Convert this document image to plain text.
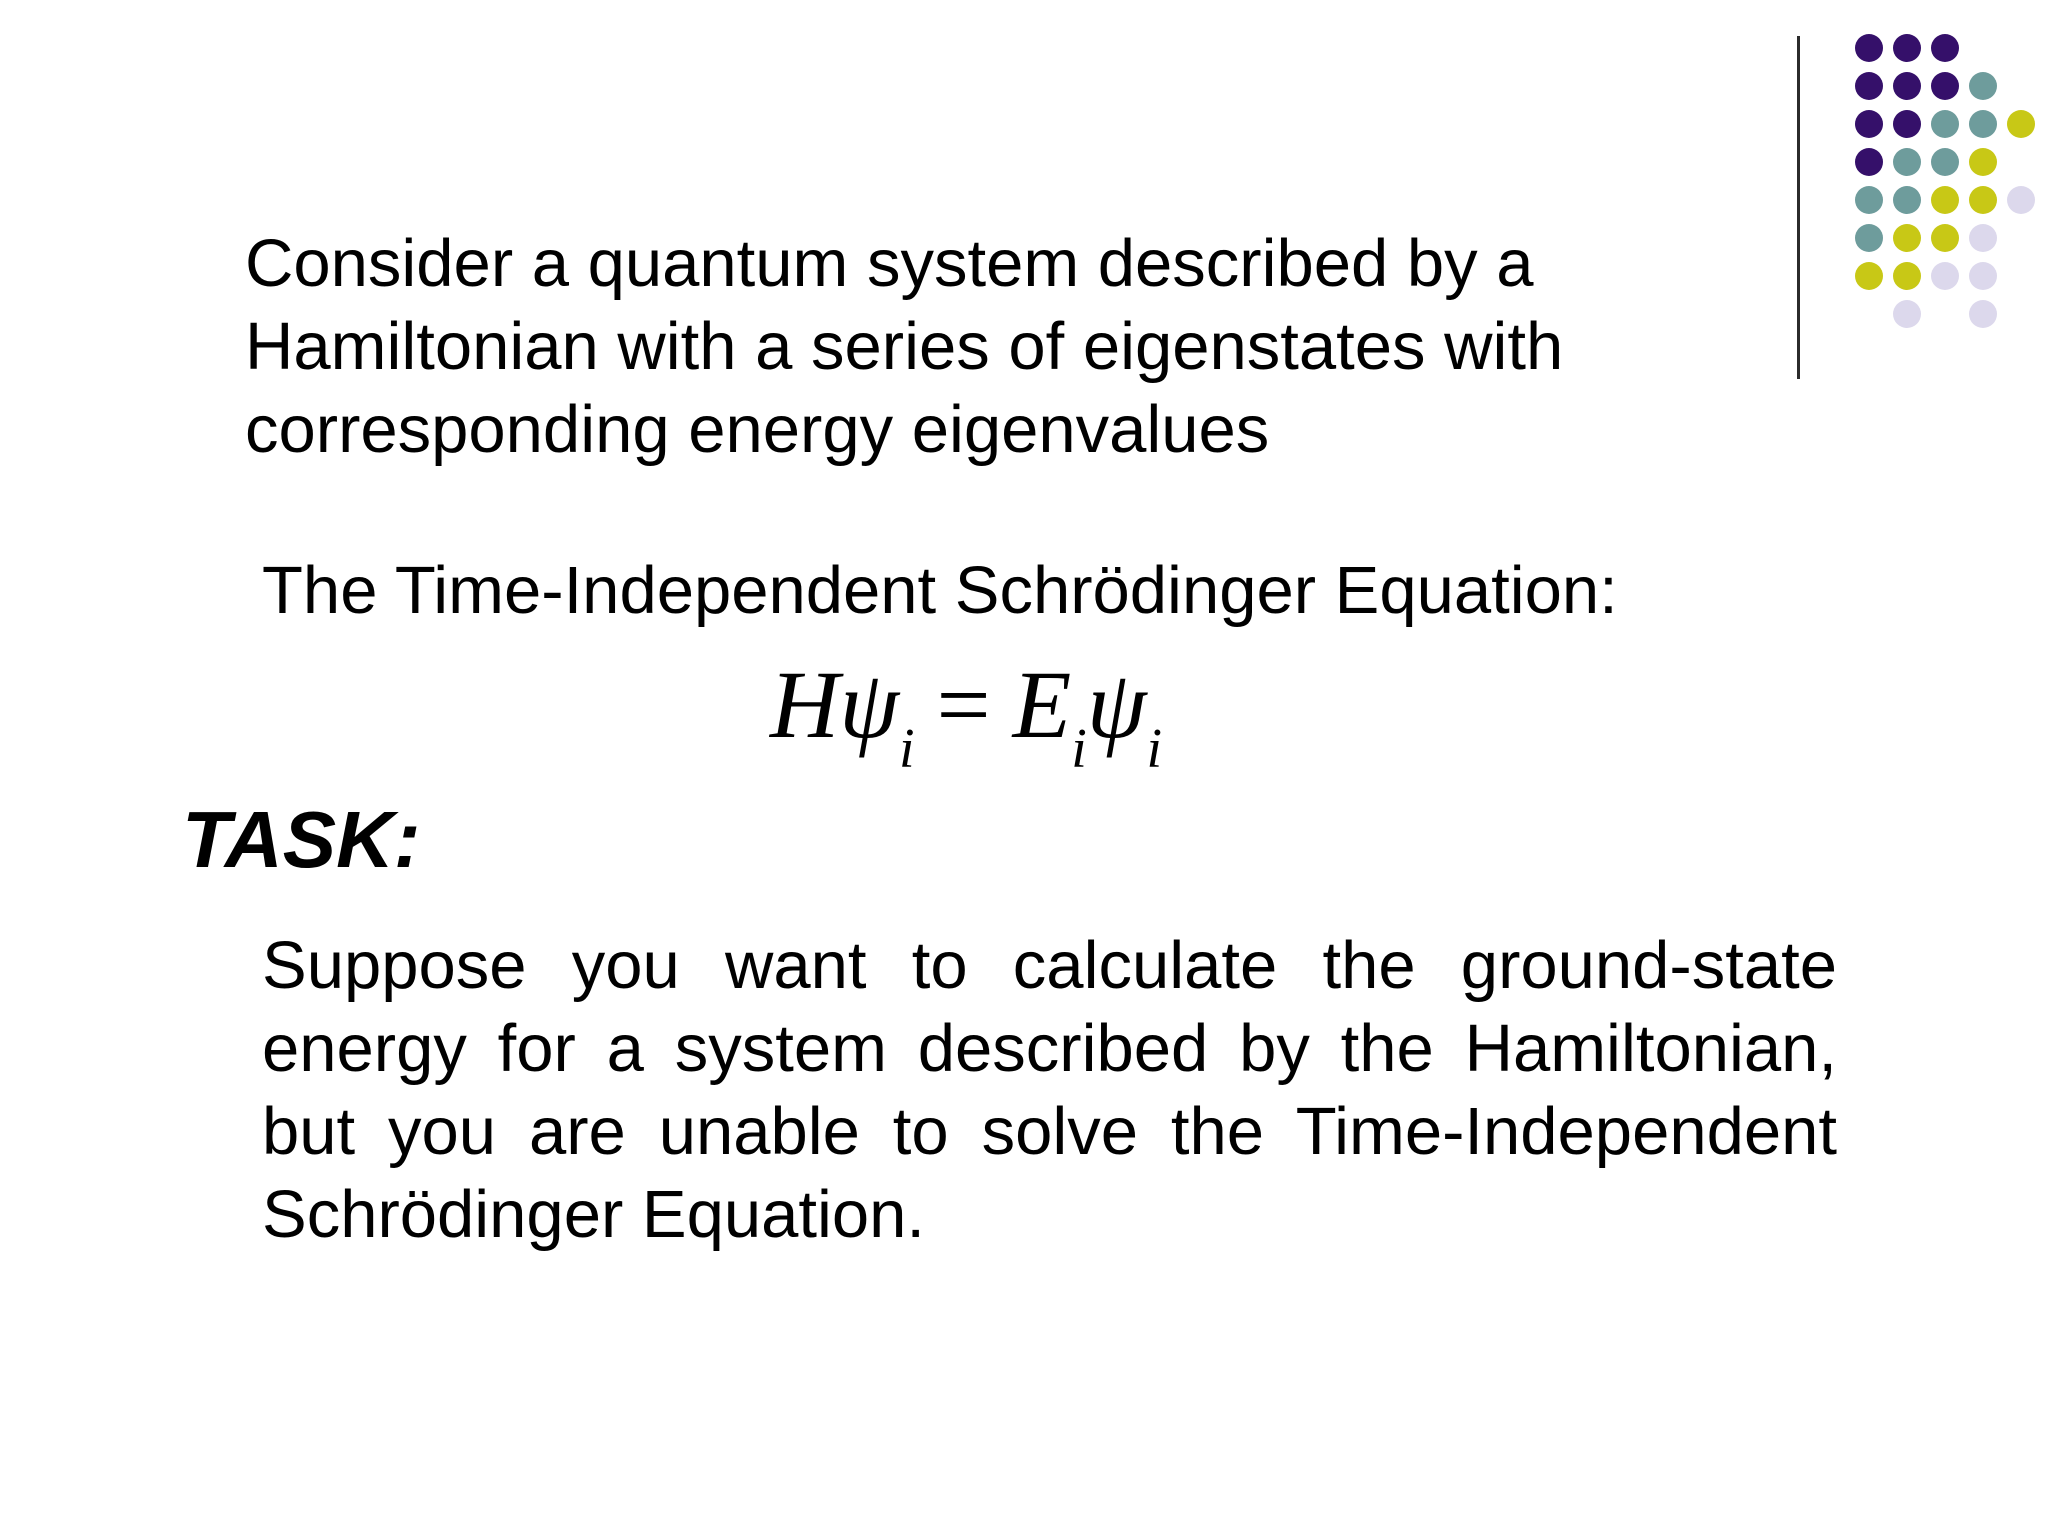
Consider a quantum system described by a Hamiltonian with a series of eigenstates with corresponding energy eigenvalues

The Time-Independent Schrödinger Equation:

$H\psi_i = E_i\psi_i$
TASK:

Suppose you want to calculate the ground-state energy for a system described by the Hamiltonian, but you are unable to solve the Time-Independent Schrödinger Equation.
